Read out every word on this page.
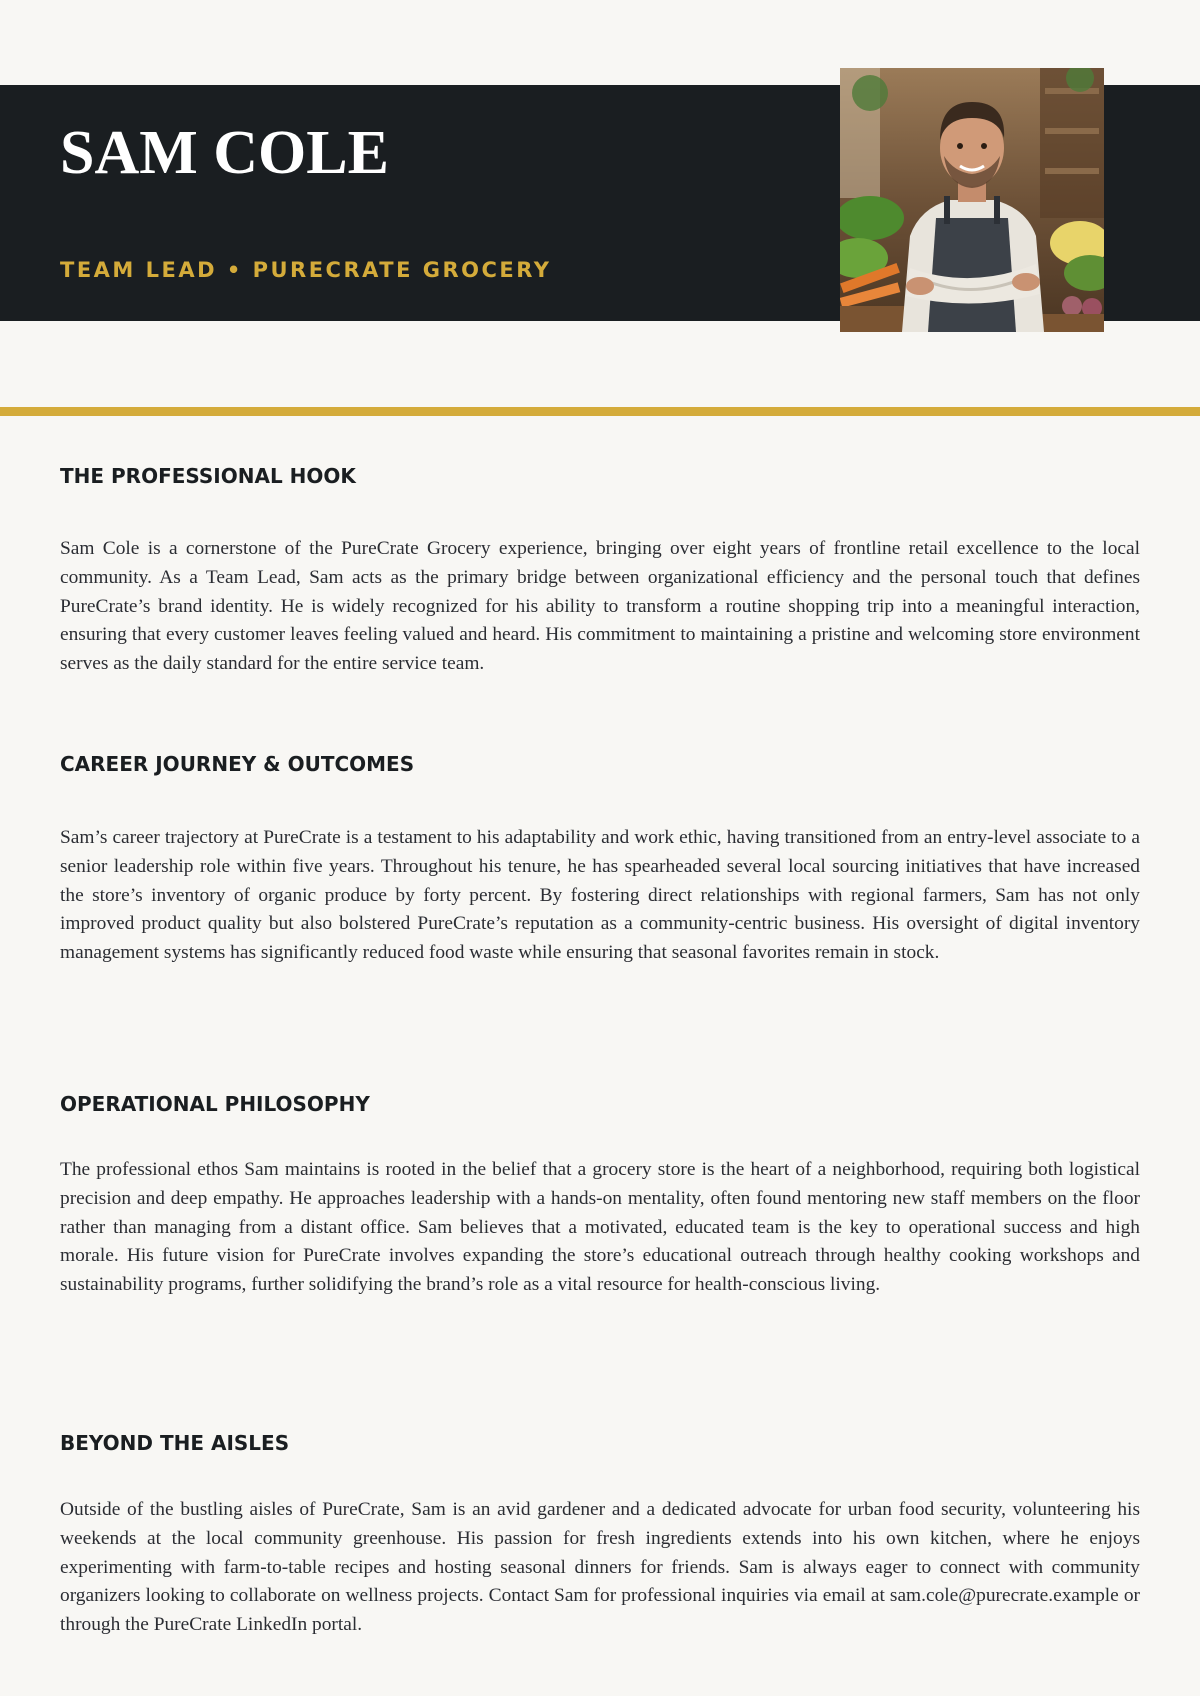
SAM COLE

TEAM LEAD • PURECRATE GROCERY

THE PROFESSIONAL HOOK

Sam Cole is a cornerstone of the PureCrate Grocery experience, bringing over eight years of frontline retail excellence to the local community. As a Team Lead, Sam acts as the primary bridge between organizational efficiency and the personal touch that defines PureCrate’s brand identity. He is widely recognized for his ability to transform a routine shopping trip into a meaningful interaction, ensuring that every customer leaves feeling valued and heard. His commitment to maintaining a pristine and welcoming store environment serves as the daily standard for the entire service team.

CAREER JOURNEY & OUTCOMES

Sam’s career trajectory at PureCrate is a testament to his adaptability and work ethic, having transitioned from an entry-level associate to a senior leadership role within five years. Throughout his tenure, he has spearheaded several local sourcing initiatives that have increased the store’s inventory of organic produce by forty percent. By fostering direct relationships with regional farmers, Sam has not only improved product quality but also bolstered PureCrate’s reputation as a community-centric business. His oversight of digital inventory management systems has significantly reduced food waste while ensuring that seasonal favorites remain in stock.

OPERATIONAL PHILOSOPHY

The professional ethos Sam maintains is rooted in the belief that a grocery store is the heart of a neighborhood, requiring both logistical precision and deep empathy. He approaches leadership with a hands-on mentality, often found mentoring new staff members on the floor rather than managing from a distant office. Sam believes that a motivated, educated team is the key to operational success and high morale. His future vision for PureCrate involves expanding the store’s educational outreach through healthy cooking workshops and sustainability programs, further solidifying the brand’s role as a vital resource for health-conscious living.

BEYOND THE AISLES

Outside of the bustling aisles of PureCrate, Sam is an avid gardener and a dedicated advocate for urban food security, volunteering his weekends at the local community greenhouse. His passion for fresh ingredients extends into his own kitchen, where he enjoys experimenting with farm-to-table recipes and hosting seasonal dinners for friends. Sam is always eager to connect with community organizers looking to collaborate on wellness projects. Contact Sam for professional inquiries via email at sam.cole@purecrate.example or through the PureCrate LinkedIn portal.
